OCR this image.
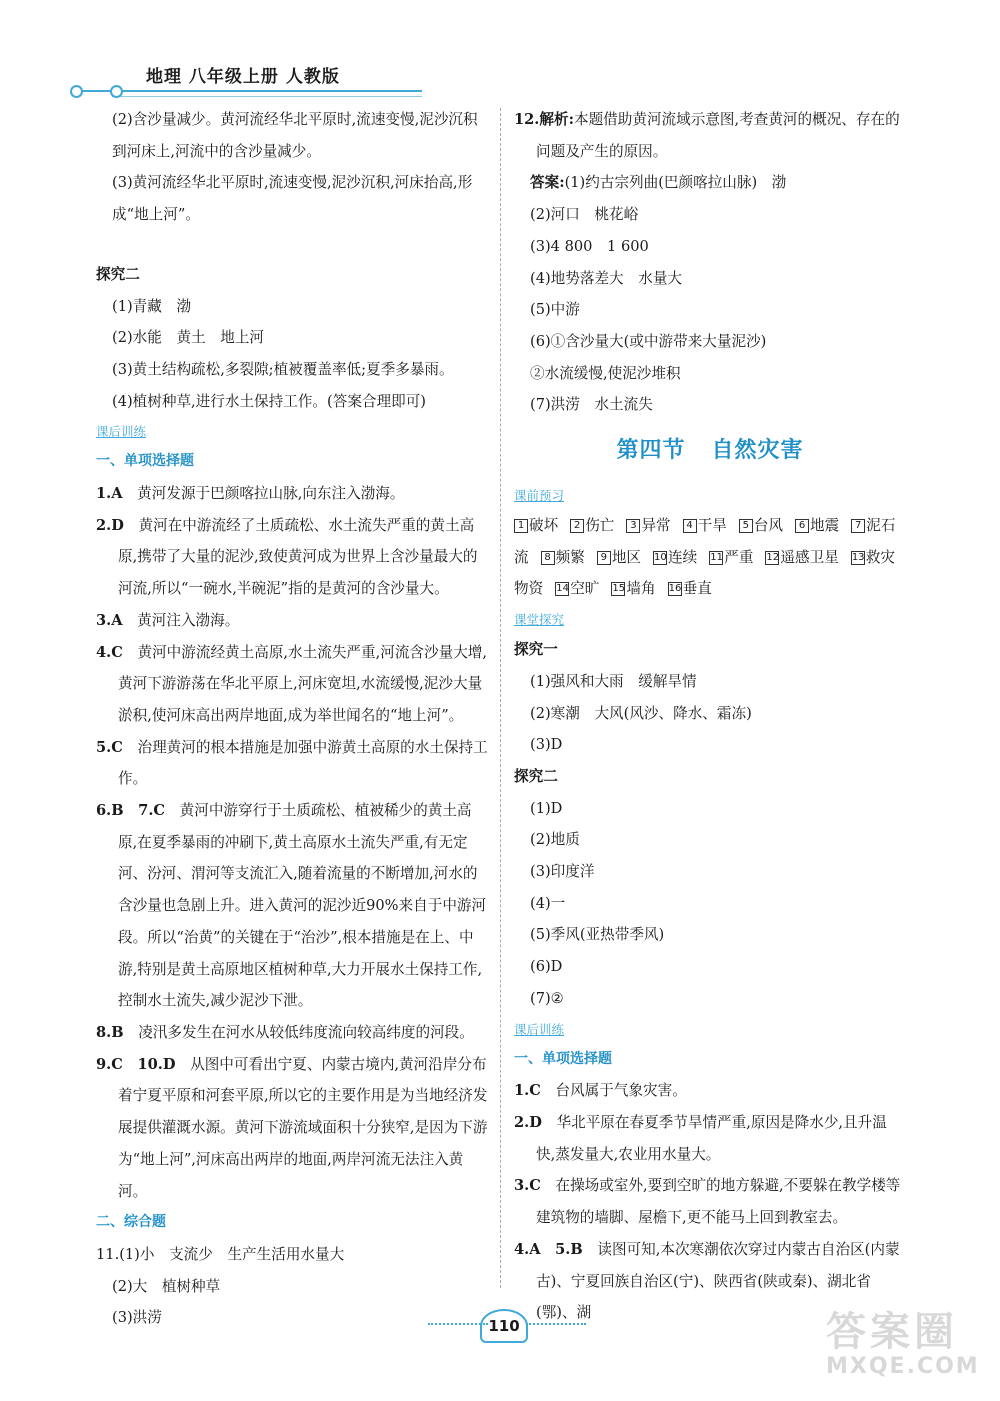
地理 八年级上册 人教版

(2)含沙量减少。黄河流经华北平原时,流速变慢,泥沙沉积到河床上,河流中的含沙量减少。

(3)黄河流经华北平原时,流速变慢,泥沙沉积,河床抬高,形成“地上河”。

探究二

(1)青藏　渤

(2)水能　黄土　地上河

(3)黄土结构疏松,多裂隙;植被覆盖率低;夏季多暴雨。

(4)植树种草,进行水土保持工作。(答案合理即可)

课后训练

一、单项选择题

1.A　 黄河发源于巴颜喀拉山脉,向东注入渤海。

2.D　 黄河在中游流经了土质疏松、水土流失严重的黄土高原,携带了大量的泥沙,致使黄河成为世界上含沙量最大的河流,所以“一碗水,半碗泥”指的是黄河的含沙量大。

3.A　 黄河注入渤海。

4.C　 黄河中游流经黄土高原,水土流失严重,河流含沙量大增,黄河下游游荡在华北平原上,河床宽坦,水流缓慢,泥沙大量淤积,使河床高出两岸地面,成为举世闻名的“地上河”。

5.C　 治理黄河的根本措施是加强中游黄土高原的水土保持工作。

6.B　7.C　 黄河中游穿行于土质疏松、植被稀少的黄土高原,在夏季暴雨的冲刷下,黄土高原水土流失严重,有无定河、汾河、渭河等支流汇入,随着流量的不断增加,河水的含沙量也急剧上升。进入黄河的泥沙近90%来自于中游河段。所以“治黄”的关键在于“治沙”,根本措施是在上、中游,特别是黄土高原地区植树种草,大力开展水土保持工作,控制水土流失,减少泥沙下泄。

8.B　 凌汛多发生在河水从较低纬度流向较高纬度的河段。

9.C　10.D　 从图中可看出宁夏、内蒙古境内,黄河沿岸分布着宁夏平原和河套平原,所以它的主要作用是为当地经济发展提供灌溉水源。黄河下游流域面积十分狭窄,是因为下游为“地上河”,河床高出两岸的地面,两岸河流无法注入黄河。

二、综合题

11.(1)小　支流少　生产生活用水量大

(2)大　植树种草

(3)洪涝

12.解析:本题借助黄河流域示意图,考查黄河的概况、存在的问题及产生的原因。

答案:(1)约古宗列曲(巴颜喀拉山脉)　渤

(2)河口　桃花峪

(3)4 800　1 600

(4)地势落差大　水量大

(5)中游

(6)①含沙量大(或中游带来大量泥沙)

②水流缓慢,使泥沙堆积

(7)洪涝　水土流失

第四节 自然灾害

课前预习

1 破坏 2 伤亡 3 异常 4 干旱 5 台风 6 地震 7 泥石流 8 频繁 9 地区 10连续 11严重 12遥感卫星 13救灾物资 14空旷 15墙角 16垂直

课堂探究

探究一

(1)强风和大雨　缓解旱情

(2)寒潮　大风(风沙、降水、霜冻)

(3)D

探究二

(1)D

(2)地质

(3)印度洋

(4)一

(5)季风(亚热带季风)

(6)D

(7)②

课后训练

一、单项选择题

1.C　 台风属于气象灾害。

2.D　 华北平原在春夏季节旱情严重,原因是降水少,且升温快,蒸发量大,农业用水量大。

3.C　 在操场或室外,要到空旷的地方躲避,不要躲在教学楼等建筑物的墙脚、屋檐下,更不能马上回到教室去。

4.A　5.B　 读图可知,本次寒潮依次穿过内蒙古自治区(内蒙古)、宁夏回族自治区(宁)、陕西省(陕或秦)、湖北省(鄂)、湖

110	答案圈
MXQE.COM
